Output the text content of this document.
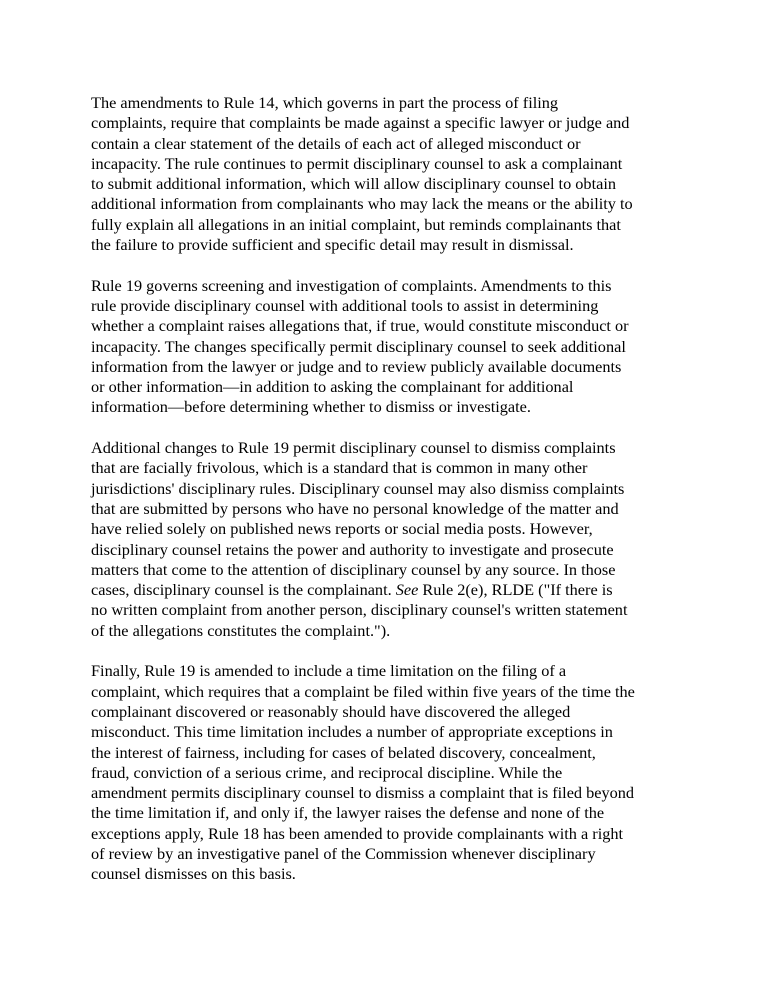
The amendments to Rule 14, which governs in part the process of filing
complaints, require that complaints be made against a specific lawyer or judge and
contain a clear statement of the details of each act of alleged misconduct or
incapacity. The rule continues to permit disciplinary counsel to ask a complainant
to submit additional information, which will allow disciplinary counsel to obtain
additional information from complainants who may lack the means or the ability to
fully explain all allegations in an initial complaint, but reminds complainants that
the failure to provide sufficient and specific detail may result in dismissal.

Rule 19 governs screening and investigation of complaints. Amendments to this
rule provide disciplinary counsel with additional tools to assist in determining
whether a complaint raises allegations that, if true, would constitute misconduct or
incapacity. The changes specifically permit disciplinary counsel to seek additional
information from the lawyer or judge and to review publicly available documents
or other information—in addition to asking the complainant for additional
information—before determining whether to dismiss or investigate.

Additional changes to Rule 19 permit disciplinary counsel to dismiss complaints
that are facially frivolous, which is a standard that is common in many other
jurisdictions' disciplinary rules. Disciplinary counsel may also dismiss complaints
that are submitted by persons who have no personal knowledge of the matter and
have relied solely on published news reports or social media posts. However,
disciplinary counsel retains the power and authority to investigate and prosecute
matters that come to the attention of disciplinary counsel by any source. In those
cases, disciplinary counsel is the complainant. See Rule 2(e), RLDE ("If there is
no written complaint from another person, disciplinary counsel's written statement
of the allegations constitutes the complaint.").

Finally, Rule 19 is amended to include a time limitation on the filing of a
complaint, which requires that a complaint be filed within five years of the time the
complainant discovered or reasonably should have discovered the alleged
misconduct. This time limitation includes a number of appropriate exceptions in
the interest of fairness, including for cases of belated discovery, concealment,
fraud, conviction of a serious crime, and reciprocal discipline. While the
amendment permits disciplinary counsel to dismiss a complaint that is filed beyond
the time limitation if, and only if, the lawyer raises the defense and none of the
exceptions apply, Rule 18 has been amended to provide complainants with a right
of review by an investigative panel of the Commission whenever disciplinary
counsel dismisses on this basis.
